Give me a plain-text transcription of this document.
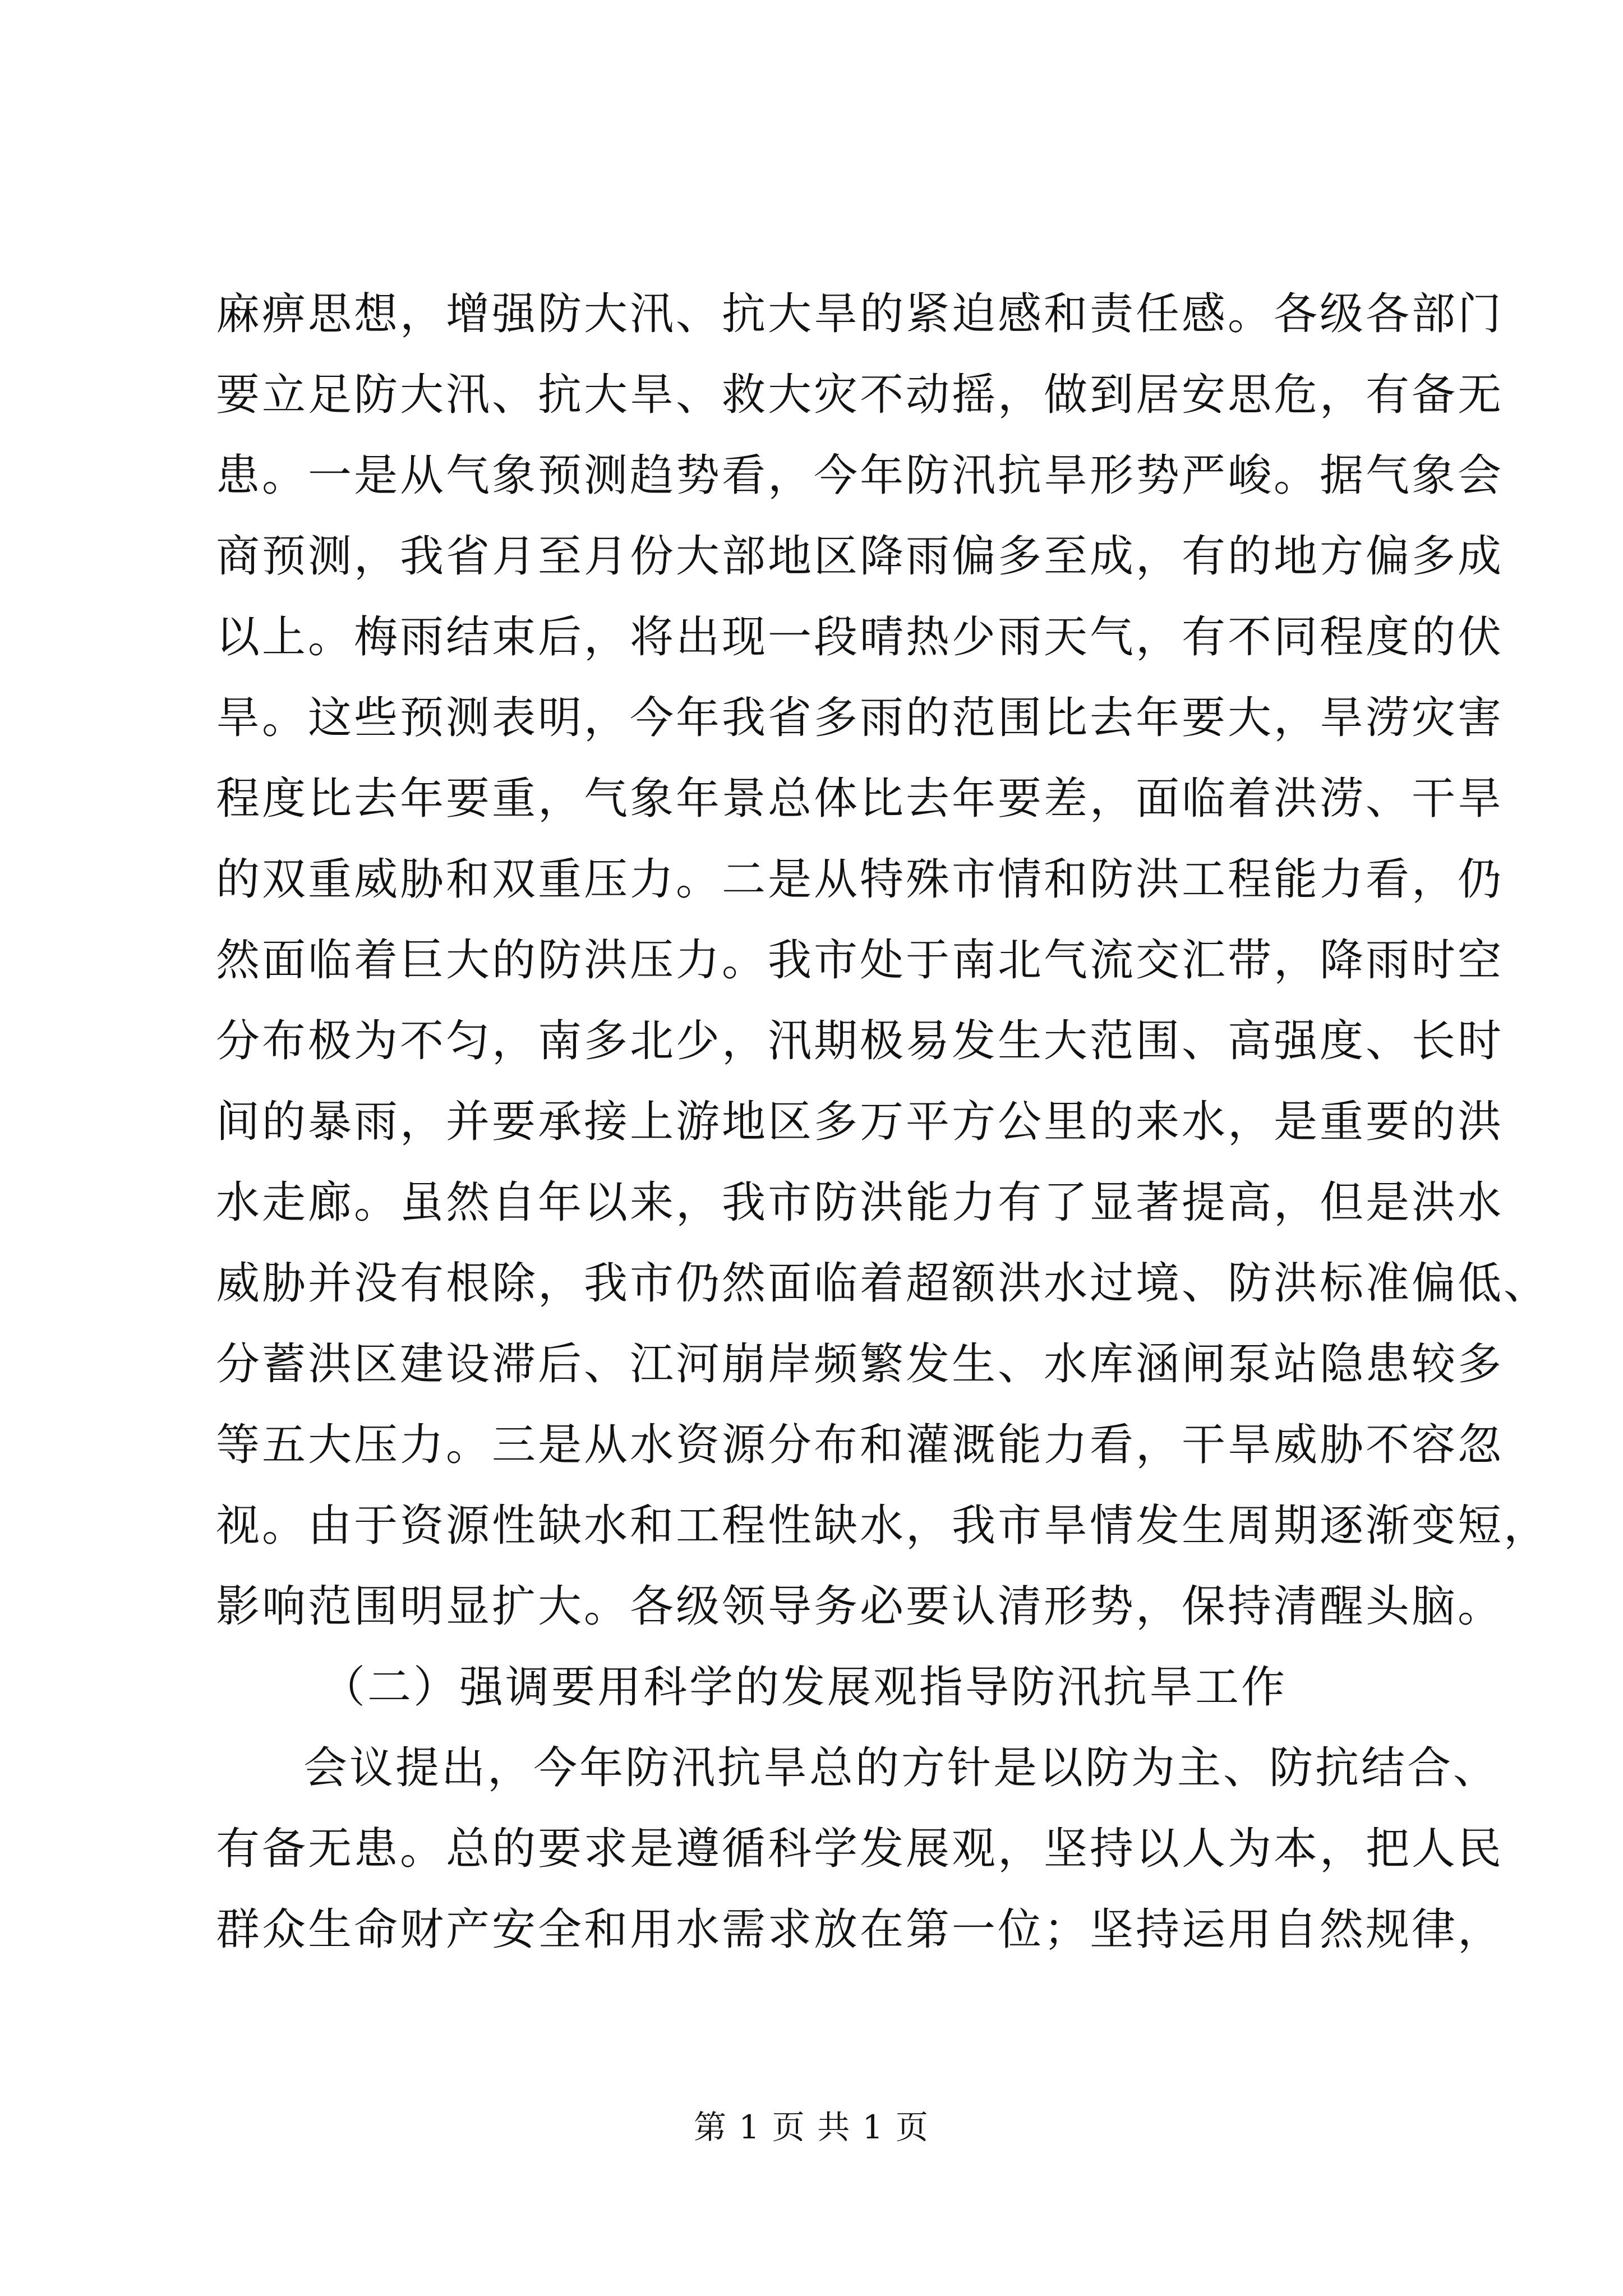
麻痹思想，增强防大汛、抗大旱的紧迫感和责任感。各级各部门
要立足防大汛、抗大旱、救大灾不动摇，做到居安思危，有备无
患。一是从气象预测趋势看，今年防汛抗旱形势严峻。据气象会
商预测，我省月至月份大部地区降雨偏多至成，有的地方偏多成
以上。梅雨结束后，将出现一段晴热少雨天气，有不同程度的伏
旱。这些预测表明，今年我省多雨的范围比去年要大，旱涝灾害
程度比去年要重，气象年景总体比去年要差，面临着洪涝、干旱
的双重威胁和双重压力。二是从特殊市情和防洪工程能力看，仍
然面临着巨大的防洪压力。我市处于南北气流交汇带，降雨时空
分布极为不匀，南多北少，汛期极易发生大范围、高强度、长时
间的暴雨，并要承接上游地区多万平方公里的来水，是重要的洪
水走廊。虽然自年以来，我市防洪能力有了显著提高，但是洪水
威胁并没有根除，我市仍然面临着超额洪水过境、防洪标准偏低、
分蓄洪区建设滞后、江河崩岸频繁发生、水库涵闸泵站隐患较多
等五大压力。三是从水资源分布和灌溉能力看，干旱威胁不容忽
视。由于资源性缺水和工程性缺水，我市旱情发生周期逐渐变短，
影响范围明显扩大。各级领导务必要认清形势，保持清醒头脑。
（二）强调要用科学的发展观指导防汛抗旱工作
会议提出，今年防汛抗旱总的方针是以防为主、防抗结合、
有备无患。总的要求是遵循科学发展观，坚持以人为本，把人民
群众生命财产安全和用水需求放在第一位；坚持运用自然规律，
第 1 页 共 1 页
